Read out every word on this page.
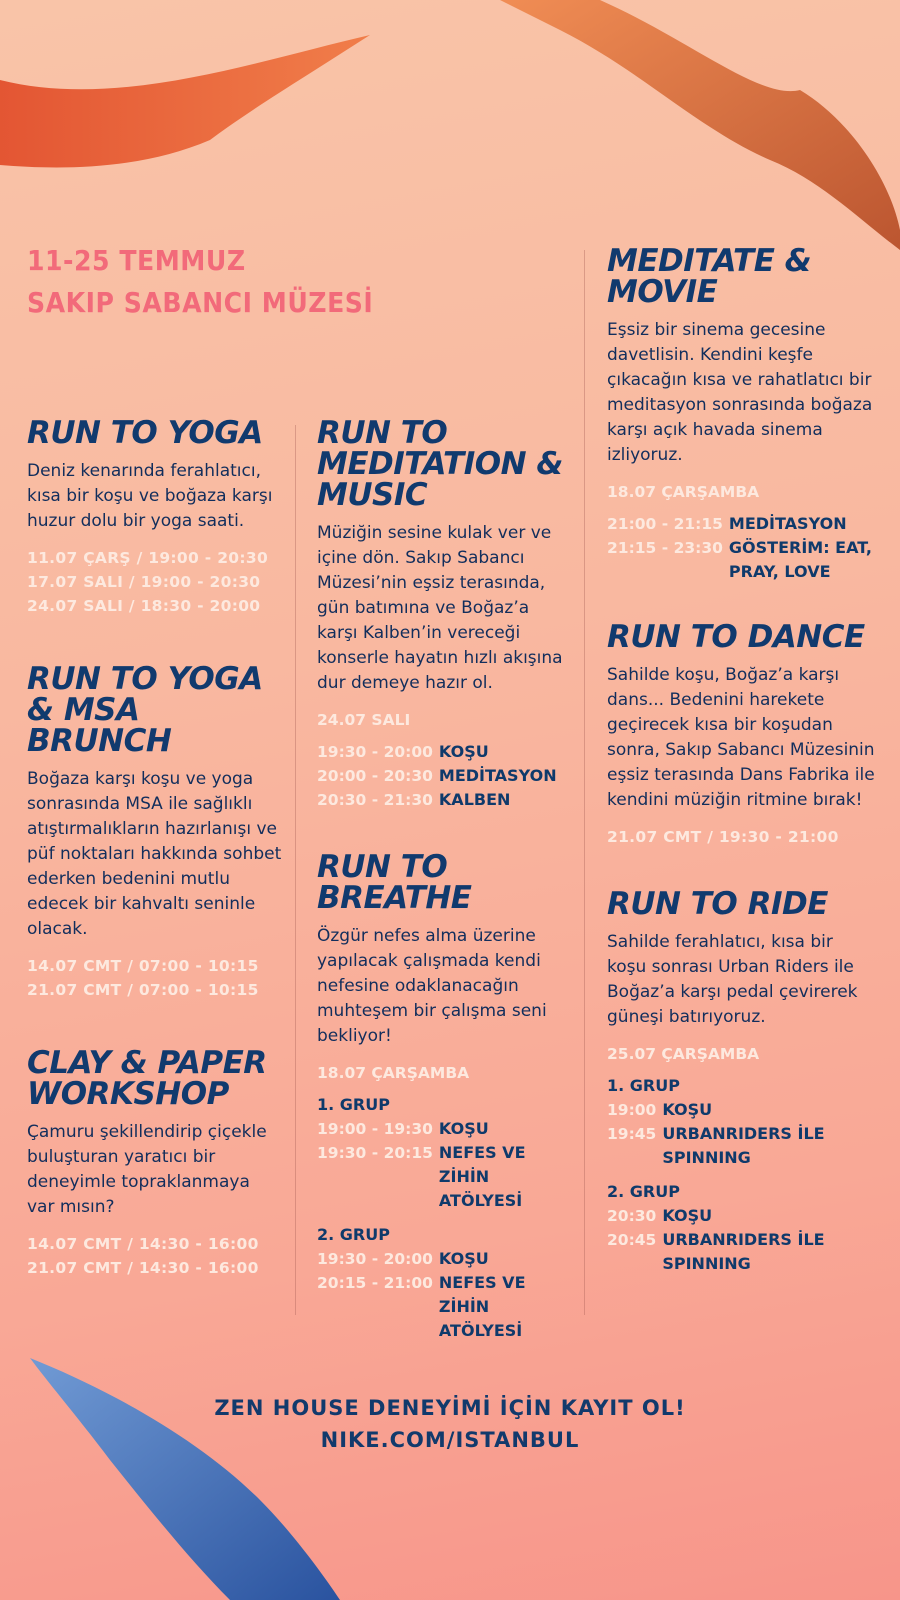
11-25 TEMMUZ
SAKIP SABANCI MÜZESİ
RUN TO YOGA
Deniz kenarında ferahlatıcı, kısa bir koşu ve boğaza karşı huzur dolu bir yoga saati.
11.07 ÇARŞ / 19:00 - 20:30
17.07 SALI / 19:00 - 20:30
24.07 SALI / 18:30 - 20:00
RUN TO YOGA & MSA BRUNCH
Boğaza karşı koşu ve yoga sonrasında MSA ile sağlıklı atıştırmalıkların hazırlanışı ve püf noktaları hakkında sohbet ederken bedenini mutlu edecek bir kahvaltı seninle olacak.
14.07 CMT / 07:00 - 10:15
21.07 CMT / 07:00 - 10:15
CLAY & PAPER WORKSHOP
Çamuru şekillendirip çiçekle buluşturan yaratıcı bir deneyimle topraklanmaya var mısın?
14.07 CMT / 14:30 - 16:00
21.07 CMT / 14:30 - 16:00
RUN TO MEDITATION & MUSIC
Müziğin sesine kulak ver ve içine dön. Sakıp Sabancı Müzesi’nin eşsiz terasında, gün batımına ve Boğaz’a karşı Kalben’in vereceği konserle hayatın hızlı akışına dur demeye hazır ol.
24.07 SALI
19:30 - 20:00 KOŞU
20:00 - 20:30 MEDİTASYON
20:30 - 21:30 KALBEN
RUN TO BREATHE
Özgür nefes alma üzerine yapılacak çalışmada kendi nefesine odaklanacağın muhteşem bir çalışma seni bekliyor!
18.07 ÇARŞAMBA
1. GRUP
19:00 - 19:30 KOŞU
19:30 - 20:15 NEFES VE ZİHİN ATÖLYESİ
2. GRUP
19:30 - 20:00 KOŞU
20:15 - 21:00 NEFES VE ZİHİN ATÖLYESİ
MEDITATE & MOVIE
Eşsiz bir sinema gecesine davetlisin. Kendini keşfe çıkacağın kısa ve rahatlatıcı bir meditasyon sonrasında boğaza karşı açık havada sinema izliyoruz.
18.07 ÇARŞAMBA
21:00 - 21:15 MEDİTASYON
21:15 - 23:30 GÖSTERİM: EAT, PRAY, LOVE
RUN TO DANCE
Sahilde koşu, Boğaz’a karşı dans... Bedenini harekete geçirecek kısa bir koşudan sonra, Sakıp Sabancı Müzesinin eşsiz terasında Dans Fabrika ile kendini müziğin ritmine bırak!
21.07 CMT / 19:30 - 21:00
RUN TO RIDE
Sahilde ferahlatıcı, kısa bir koşu sonrası Urban Riders ile Boğaz’a karşı pedal çevirerek güneşi batırıyoruz.
25.07 ÇARŞAMBA
1. GRUP
19:00 KOŞU
19:45 URBANRIDERS İLE SPINNING
2. GRUP
20:30 KOŞU
20:45 URBANRIDERS İLE SPINNING
ZEN HOUSE DENEYİMİ İÇİN KAYIT OL!
NIKE.COM/ISTANBUL
